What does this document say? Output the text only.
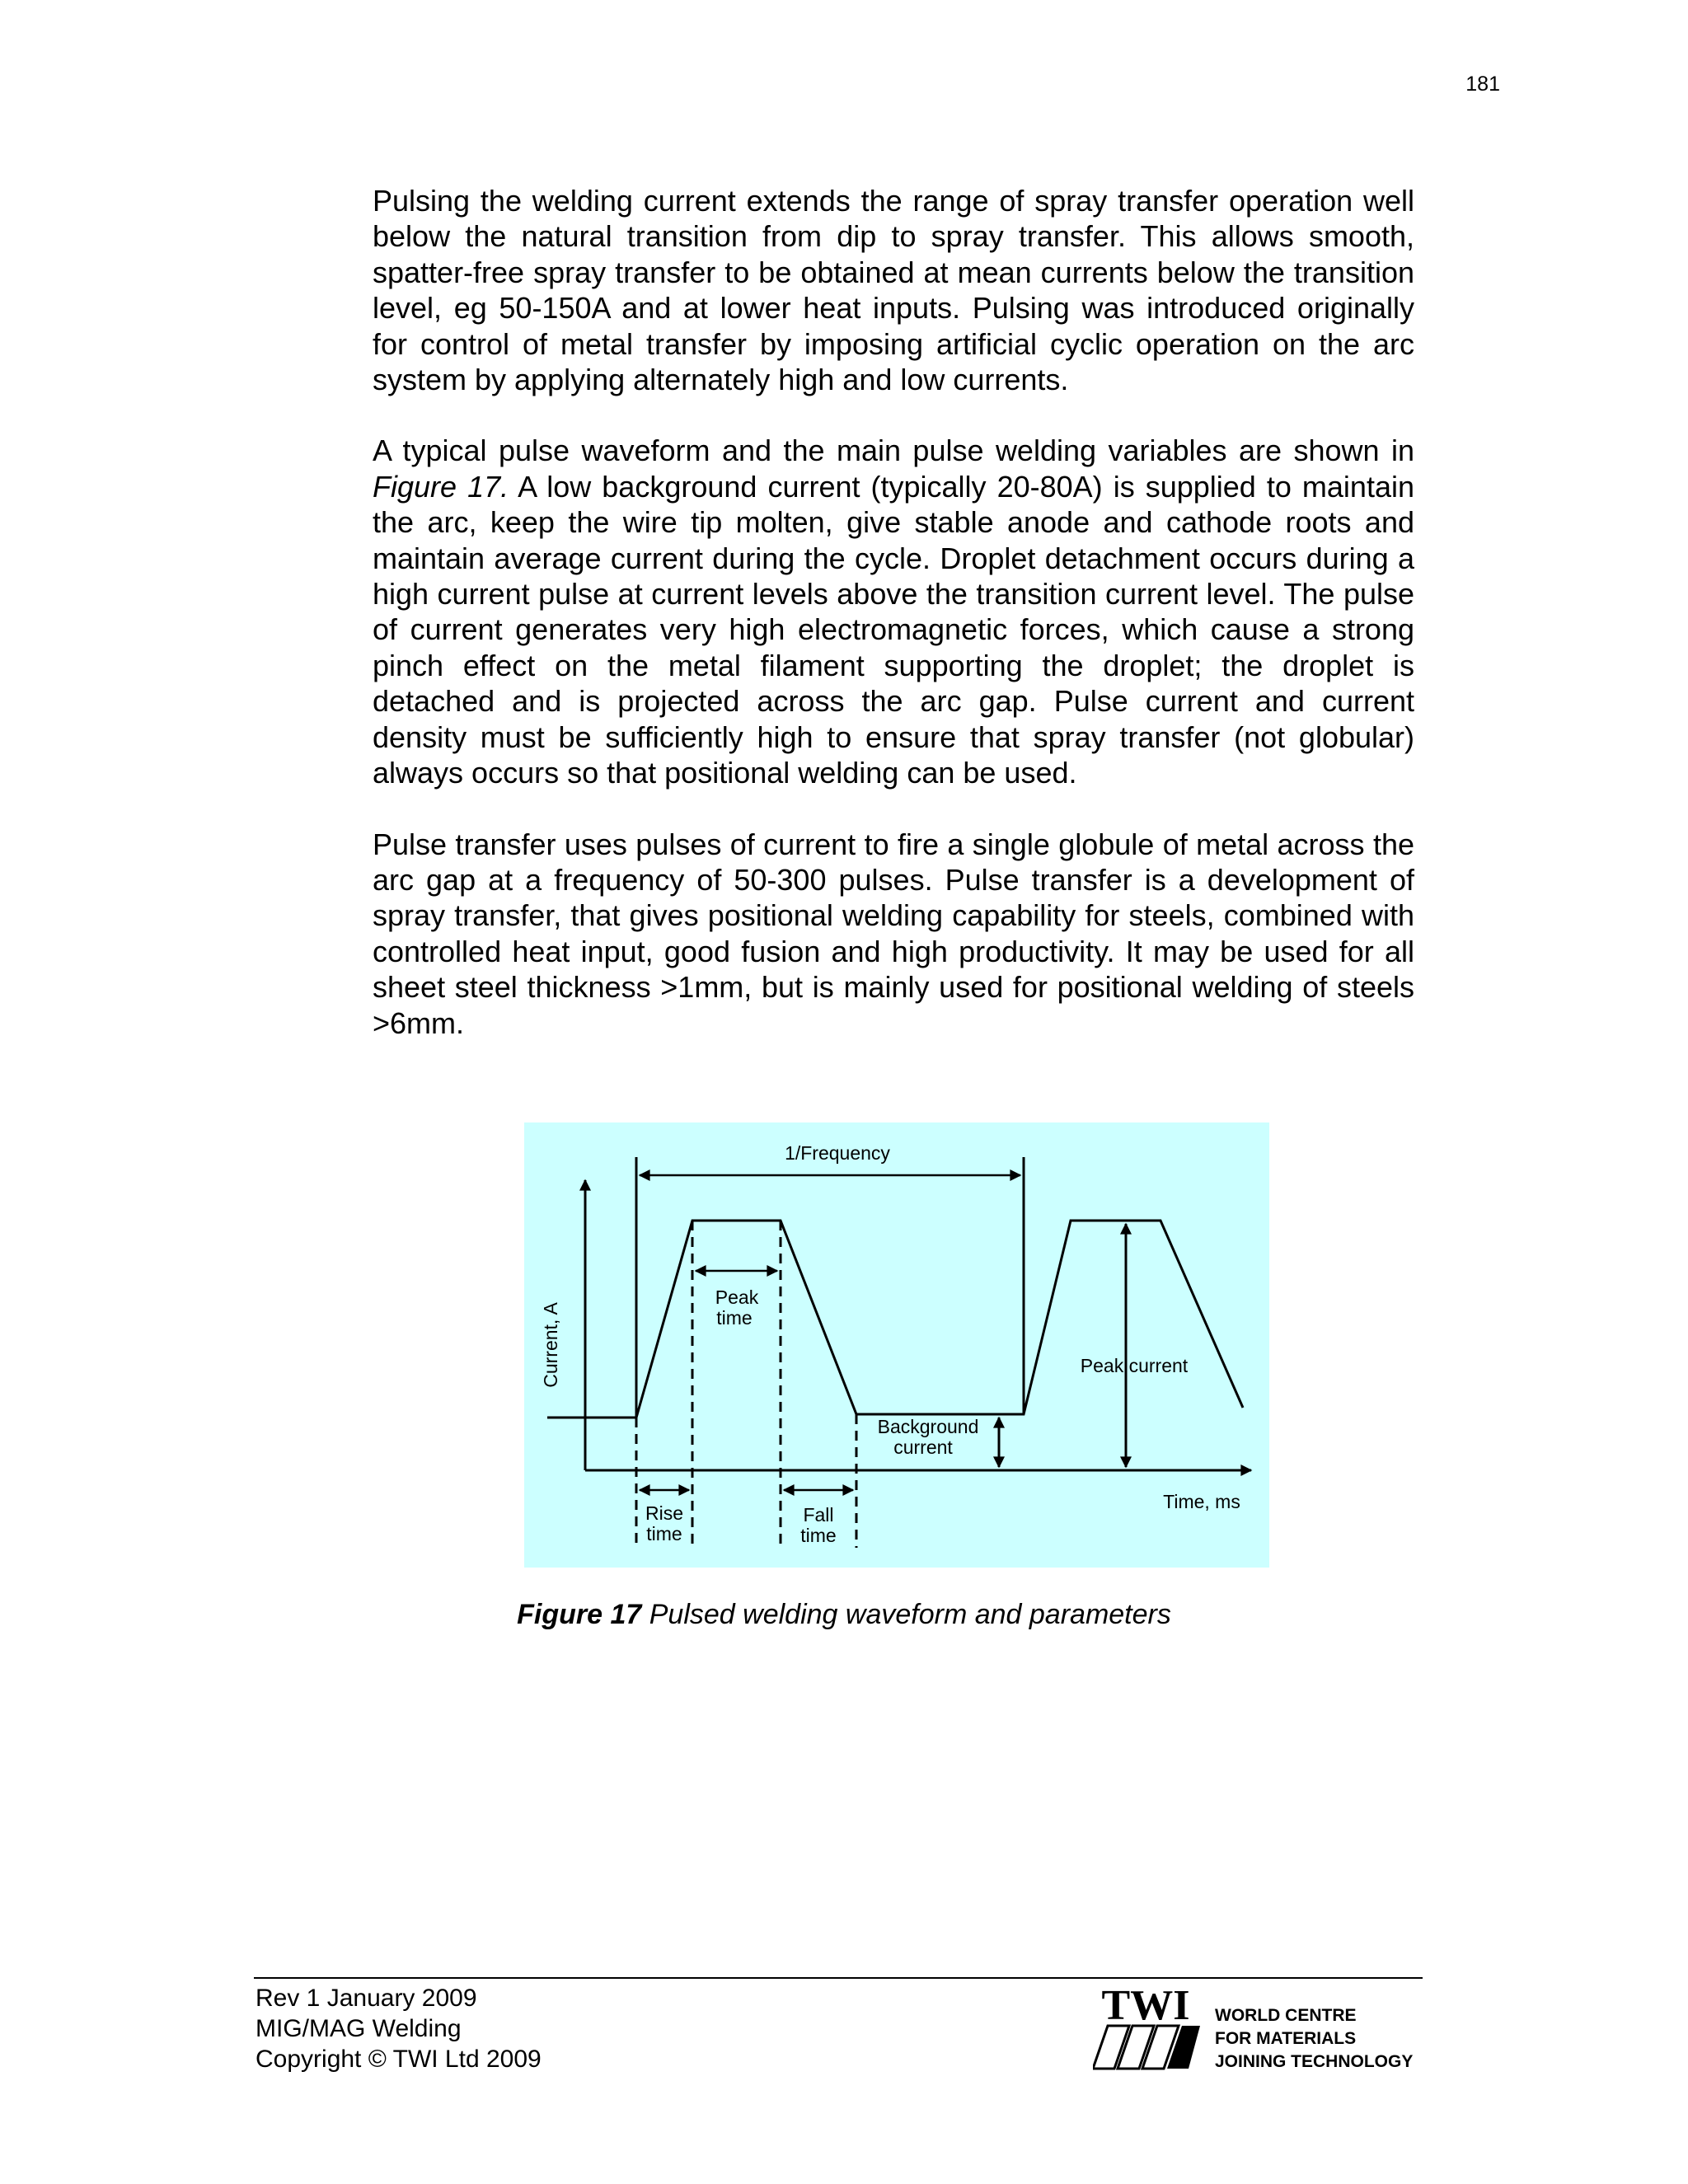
181

Pulsing the welding current extends the range of spray transfer operation well below the natural transition from dip to spray transfer. This allows smooth, spatter-free spray transfer to be obtained at mean currents below the transition level, eg 50-150A and at lower heat inputs. Pulsing was introduced originally for control of metal transfer by imposing artificial cyclic operation on the arc system by applying alternately high and low currents.

A typical pulse waveform and the main pulse welding variables are shown in Figure 17. A low background current (typically 20-80A) is supplied to maintain the arc, keep the wire tip molten, give stable anode and cathode roots and maintain average current during the cycle. Droplet detachment occurs during a high current pulse at current levels above the transition current level. The pulse of current generates very high electromagnetic forces, which cause a strong pinch effect on the metal filament supporting the droplet; the droplet is detached and is projected across the arc gap. Pulse current and current density must be sufficiently high to ensure that spray transfer (not globular) always occurs so that positional welding can be used.

Pulse transfer uses pulses of current to fire a single globule of metal across the arc gap at a frequency of 50-300 pulses. Pulse transfer is a development of spray transfer, that gives positional welding capability for steels, combined with controlled heat input, good fusion and high productivity. It may be used for all sheet steel thickness >1mm, but is mainly used for positional welding of steels >6mm.

1/Frequency
Current, A
Time, ms
Peak
time
Peak current
Background
current
Rise
time
Fall
time
Figure 17 Pulsed welding waveform and parameters
Rev 1 January 2009
MIG/MAG Welding
Copyright © TWI Ltd 2009
TWI WORLD CENTRE
FOR MATERIALS
JOINING TECHNOLOGY
